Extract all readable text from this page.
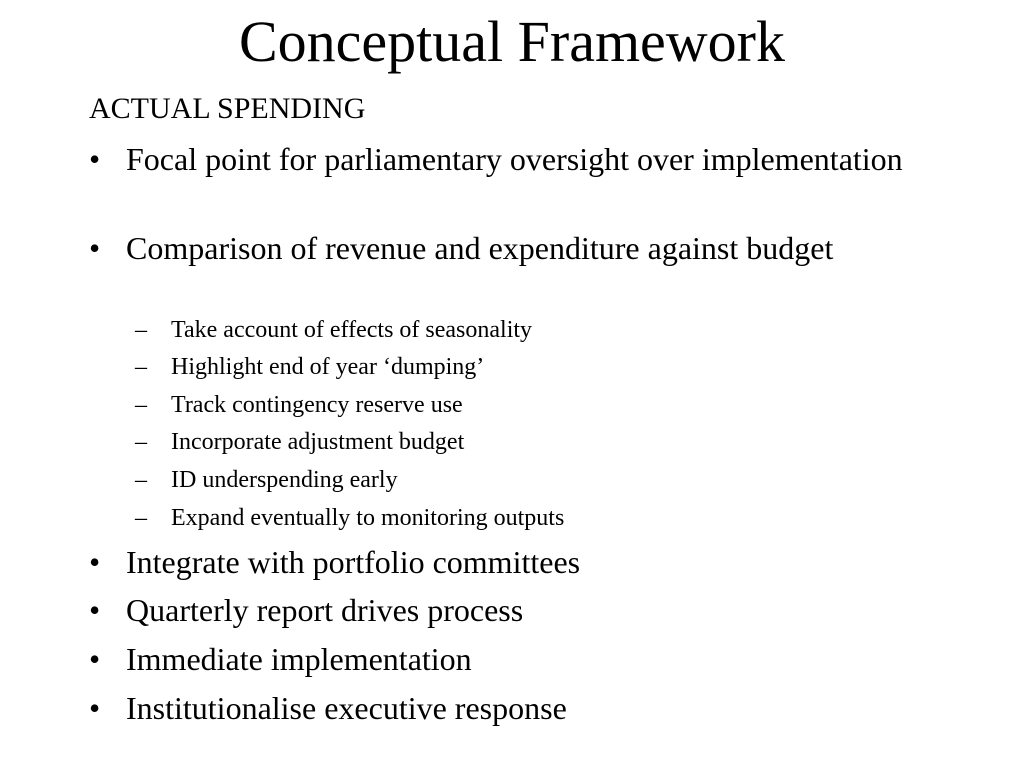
Conceptual Framework
ACTUAL SPENDING
• Focal point for parliamentary oversight over implementation
• Comparison of revenue and expenditure against budget
– Take account of effects of seasonality
– Highlight end of year ‘dumping’
– Track contingency reserve use
– Incorporate adjustment budget
– ID underspending early
– Expand eventually to monitoring outputs
• Integrate with portfolio committees
• Quarterly report drives process
• Immediate implementation
• Institutionalise executive response
